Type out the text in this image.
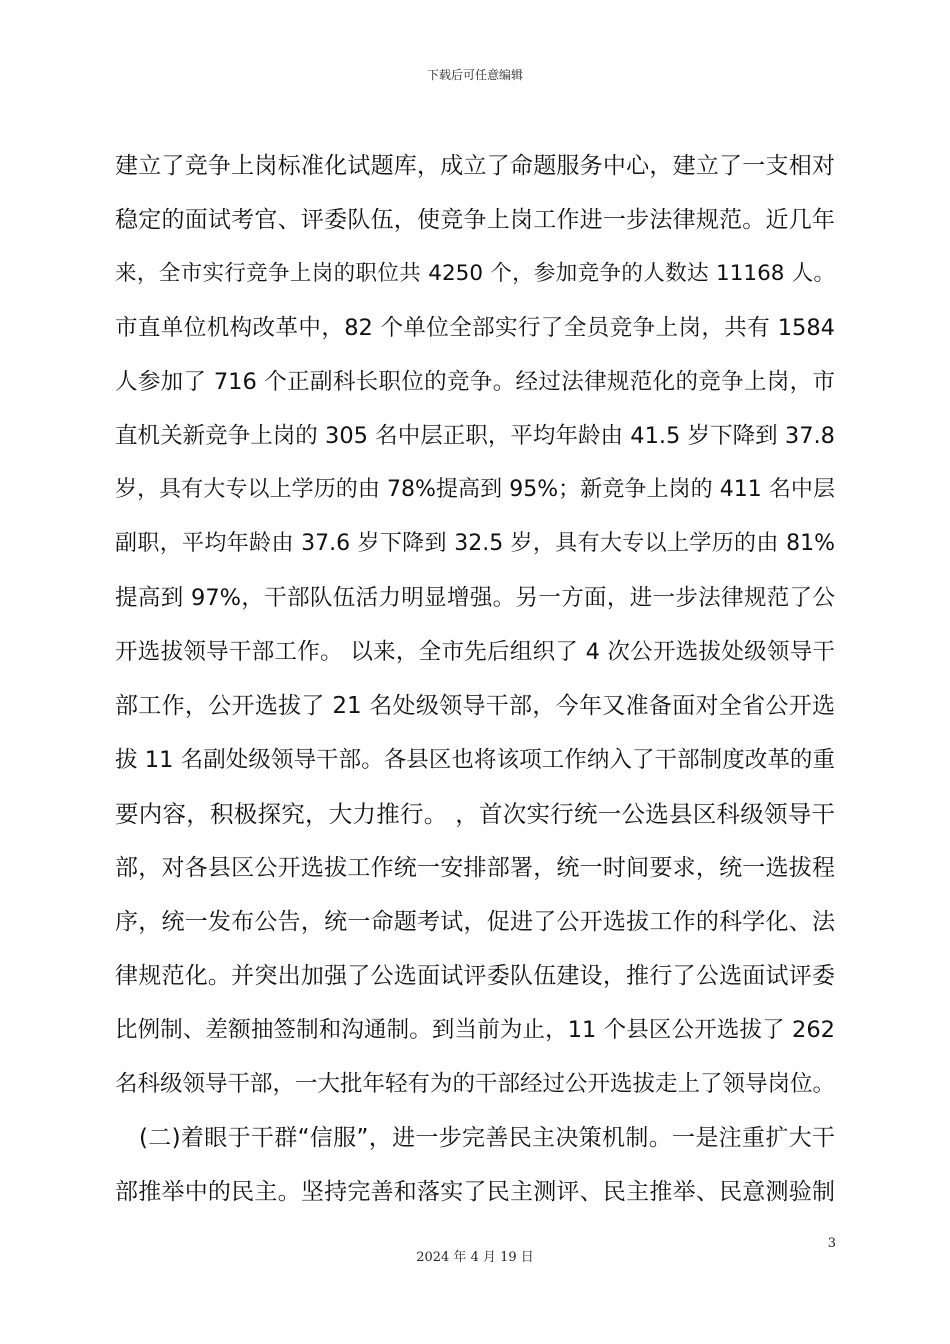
下载后可任意编辑
建立了竞争上岗标准化试题库，成立了命题服务中心，建立了一支相对
稳定的面试考官、评委队伍，使竞争上岗工作进一步法律规范。近几年
来，全市实行竞争上岗的职位共 4250 个，参加竞争的人数达 11168 人。
市直单位机构改革中，82 个单位全部实行了全员竞争上岗，共有 1584
人参加了 716 个正副科长职位的竞争。经过法律规范化的竞争上岗，市
直机关新竞争上岗的 305 名中层正职，平均年龄由 41.5 岁下降到 37.8
岁，具有大专以上学历的由 78%提高到 95%；新竞争上岗的 411 名中层
副职，平均年龄由 37.6 岁下降到 32.5 岁，具有大专以上学历的由 81%
提高到 97%，干部队伍活力明显增强。另一方面，进一步法律规范了公
开选拔领导干部工作。 以来，全市先后组织了 4 次公开选拔处级领导干
部工作，公开选拔了 21 名处级领导干部，今年又准备面对全省公开选
拔 11 名副处级领导干部。各县区也将该项工作纳入了干部制度改革的重
要内容，积极探究，大力推行。 ，首次实行统一公选县区科级领导干
部，对各县区公开选拔工作统一安排部署，统一时间要求，统一选拔程
序，统一发布公告，统一命题考试，促进了公开选拔工作的科学化、法
律规范化。并突出加强了公选面试评委队伍建设，推行了公选面试评委
比例制、差额抽签制和沟通制。到当前为止，11 个县区公开选拔了 262
名科级领导干部，一大批年轻有为的干部经过公开选拔走上了领导岗位。
(二)着眼于干群“信服”，进一步完善民主决策机制。一是注重扩大干
部推举中的民主。坚持完善和落实了民主测评、民主推举、民意测验制
3
2024 年 4 月 19 日
